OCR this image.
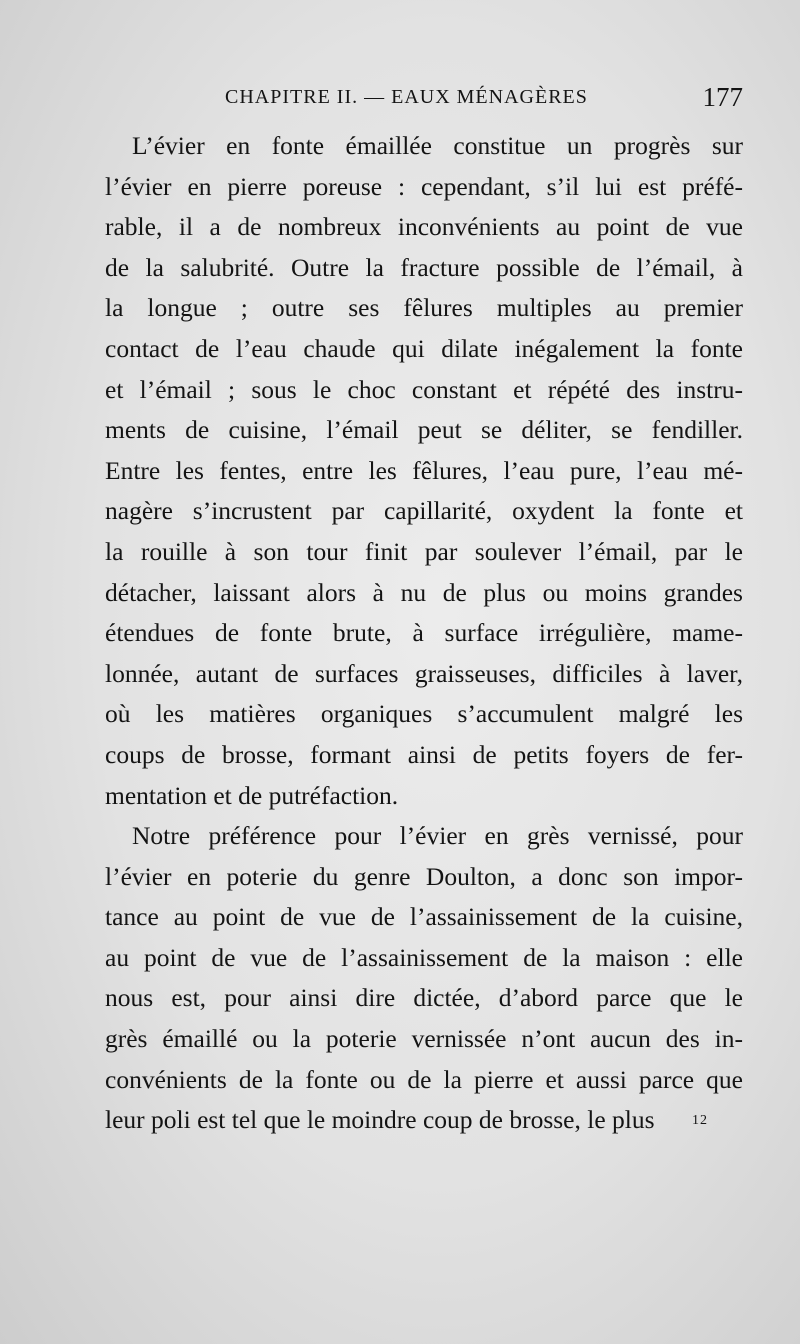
CHAPITRE II. — EAUX MÉNAGÈRES	177
L’évier en fonte émaillée constitue un progrès sur
l’évier en pierre poreuse : cependant, s’il lui est préfé-
rable, il a de nombreux inconvénients au point de vue
de la salubrité. Outre la fracture possible de l’émail, à
la longue ; outre ses fêlures multiples au premier
contact de l’eau chaude qui dilate inégalement la fonte
et l’émail ; sous le choc constant et répété des instru-
ments de cuisine, l’émail peut se déliter, se fendiller.
Entre les fentes, entre les fêlures, l’eau pure, l’eau mé-
nagère s’incrustent par capillarité, oxydent la fonte et
la rouille à son tour finit par soulever l’émail, par le
détacher, laissant alors à nu de plus ou moins grandes
étendues de fonte brute, à surface irrégulière, mame-
lonnée, autant de surfaces graisseuses, difficiles à laver,
où les matières organiques s’accumulent malgré les
coups de brosse, formant ainsi de petits foyers de fer-
mentation et de putréfaction.
Notre préférence pour l’évier en grès vernissé, pour
l’évier en poterie du genre Doulton, a donc son impor-
tance au point de vue de l’assainissement de la cuisine,
au point de vue de l’assainissement de la maison : elle
nous est, pour ainsi dire dictée, d’abord parce que le
grès émaillé ou la poterie vernissée n’ont aucun des in-
convénients de la fonte ou de la pierre et aussi parce que
leur poli est tel que le moindre coup de brosse, le plus	12
